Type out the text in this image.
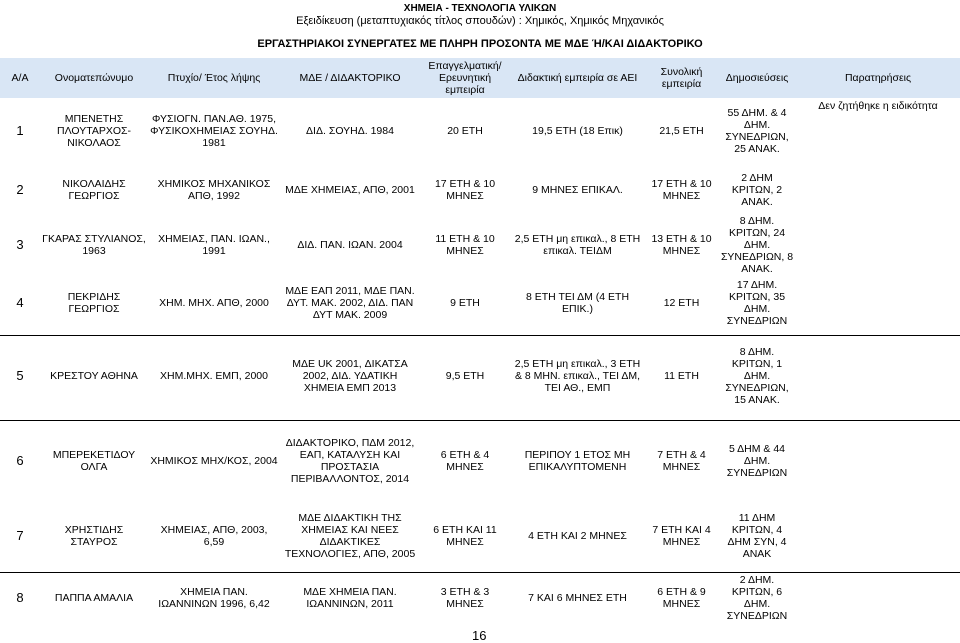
ΧΗΜΕΙΑ - ΤΕΧΝΟΛΟΓΙΑ ΥΛΙΚΩΝ
Εξειδίκευση (μεταπτυχιακός τίτλος σπουδών) : Χημικός, Χημικός Μηχανικός
ΕΡΓΑΣΤΗΡΙΑΚΟΙ ΣΥΝΕΡΓΑΤΕΣ ΜΕ ΠΛΗΡΗ ΠΡΟΣΟΝΤΑ ΜΕ ΜΔΕ Ή/ΚΑΙ ΔΙΔΑΚΤΟΡΙΚΟ
Α/Α	Ονοματεπώνυμο	Πτυχίο/ Έτος λήψης	ΜΔΕ / ΔΙΔΑΚΤΟΡΙΚΟ	Επαγγελματική/ Ερευνητική εμπειρία	Διδακτική εμπειρία σε ΑΕΙ	Συνολική εμπειρία	Δημοσιεύσεις	Παρατηρήσεις
1	ΜΠΕΝΕΤΗΣ ΠΛΟΥΤΑΡΧΟΣ-ΝΙΚΟΛΑΟΣ	ΦΥΣΙΟΓΝ. ΠΑΝ.ΑΘ. 1975, ΦΥΣΙΚΟΧΗΜΕΙΑΣ ΣΟΥΗΔ. 1981	ΔΙΔ. ΣΟΥΗΔ. 1984	20 ΕΤΗ	19,5 ΕΤΗ (18 Επικ)	21,5 ΕΤΗ	55 ΔΗΜ. & 4 ΔΗΜ. ΣΥΝΕΔΡΙΩΝ, 25 ΑΝΑΚ.	Δεν ζητήθηκε η ειδικότητα
2	ΝΙΚΟΛΑΙΔΗΣ ΓΕΩΡΓΙΟΣ	ΧΗΜΙΚΟΣ ΜΗΧΑΝΙΚΟΣ ΑΠΘ, 1992	ΜΔΕ ΧΗΜΕΙΑΣ, ΑΠΘ, 2001	17 ΕΤΗ & 10 ΜΗΝΕΣ	9 ΜΗΝΕΣ ΕΠΙΚΑΛ.	17 ΕΤΗ & 10 ΜΗΝΕΣ	2 ΔΗΜ ΚΡΙΤΩΝ, 2 ΑΝΑΚ.	
3	ΓΚΑΡΑΣ ΣΤΥΛΙΑΝΟΣ, 1963	ΧΗΜΕΙΑΣ, ΠΑΝ. ΙΩΑΝ., 1991	ΔΙΔ. ΠΑΝ. ΙΩΑΝ. 2004	11 ΕΤΗ & 10 ΜΗΝΕΣ	2,5 ΕΤΗ μη επικαλ., 8 ΕΤΗ επικαλ. ΤΕΙΔΜ	13 ΕΤΗ & 10 ΜΗΝΕΣ	8 ΔΗΜ. ΚΡΙΤΩΝ, 24 ΔΗΜ. ΣΥΝΕΔΡΙΩΝ, 8 ΑΝΑΚ.	
4	ΠΕΚΡΙΔΗΣ ΓΕΩΡΓΙΟΣ	ΧΗΜ. ΜΗΧ. ΑΠΘ, 2000	ΜΔΕ ΕΑΠ 2011, ΜΔΕ ΠΑΝ. ΔΥΤ. ΜΑΚ. 2002, ΔΙΔ. ΠΑΝ ΔΥΤ ΜΑΚ. 2009	9 ΕΤΗ	8 ΕΤΗ ΤΕΙ ΔΜ (4 ΕΤΗ ΕΠΙΚ.)	12 ΕΤΗ	17 ΔΗΜ. ΚΡΙΤΩΝ, 35 ΔΗΜ. ΣΥΝΕΔΡΙΩΝ	
5	ΚΡΕΣΤΟΥ ΑΘΗΝΑ	ΧΗΜ.ΜΗΧ. ΕΜΠ, 2000	ΜΔΕ UK 2001, ΔΙΚΑΤΣΑ 2002, ΔΙΔ. ΥΔΑΤΙΚΗ ΧΗΜΕΙΑ ΕΜΠ 2013	9,5 ΕΤΗ	2,5 ΕΤΗ μη επικαλ., 3 ΕΤΗ & 8 ΜΗΝ. επικαλ., ΤΕΙ ΔΜ, ΤΕΙ ΑΘ., ΕΜΠ	11 ΕΤΗ	8 ΔΗΜ. ΚΡΙΤΩΝ, 1 ΔΗΜ. ΣΥΝΕΔΡΙΩΝ, 15 ΑΝΑΚ.	
6	ΜΠΕΡΕΚΕΤΙΔΟΥ ΟΛΓΑ	ΧΗΜΙΚΟΣ ΜΗΧ/ΚΟΣ, 2004	ΔΙΔΑΚΤΟΡΙΚΟ, ΠΔΜ 2012, ΕΑΠ, ΚΑΤΑΛΥΣΗ ΚΑΙ ΠΡΟΣΤΑΣΙΑ ΠΕΡΙΒΑΛΛΟΝΤΟΣ, 2014	6 ΕΤΗ & 4 ΜΗΝΕΣ	ΠΕΡΙΠΟΥ 1 ΕΤΟΣ ΜΗ ΕΠΙΚΑΛΥΠΤΟΜΕΝΗ	7 ΕΤΗ & 4 ΜΗΝΕΣ	5 ΔΗΜ & 44 ΔΗΜ. ΣΥΝΕΔΡΙΩΝ	
7	ΧΡΗΣΤΙΔΗΣ ΣΤΑΥΡΟΣ	ΧΗΜΕΙΑΣ, ΑΠΘ, 2003, 6,59	ΜΔΕ ΔΙΔΑΚΤΙΚΗ ΤΗΣ ΧΗΜΕΙΑΣ ΚΑΙ ΝΕΕΣ ΔΙΔΑΚΤΙΚΕΣ ΤΕΧΝΟΛΟΓΙΕΣ, ΑΠΘ, 2005	6 ΕΤΗ ΚΑΙ 11 ΜΗΝΕΣ	4 ΕΤΗ ΚΑΙ 2 ΜΗΝΕΣ	7 ΕΤΗ ΚΑΙ 4 ΜΗΝΕΣ	11 ΔΗΜ ΚΡΙΤΩΝ, 4 ΔΗΜ ΣΥΝ, 4 ΑΝΑΚ	
8	ΠΑΠΠΑ ΑΜΑΛΙΑ	ΧΗΜΕΙΑ ΠΑΝ. ΙΩΑΝΝΙΝΩΝ 1996, 6,42	ΜΔΕ ΧΗΜΕΙΑ ΠΑΝ. ΙΩΑΝΝΙΝΩΝ, 2011	3 ΕΤΗ & 3 ΜΗΝΕΣ	7 ΚΑΙ 6 ΜΗΝΕΣ ΕΤΗ	6 ΕΤΗ & 9 ΜΗΝΕΣ	2 ΔΗΜ. ΚΡΙΤΩΝ, 6 ΔΗΜ. ΣΥΝΕΔΡΙΩΝ	
16
